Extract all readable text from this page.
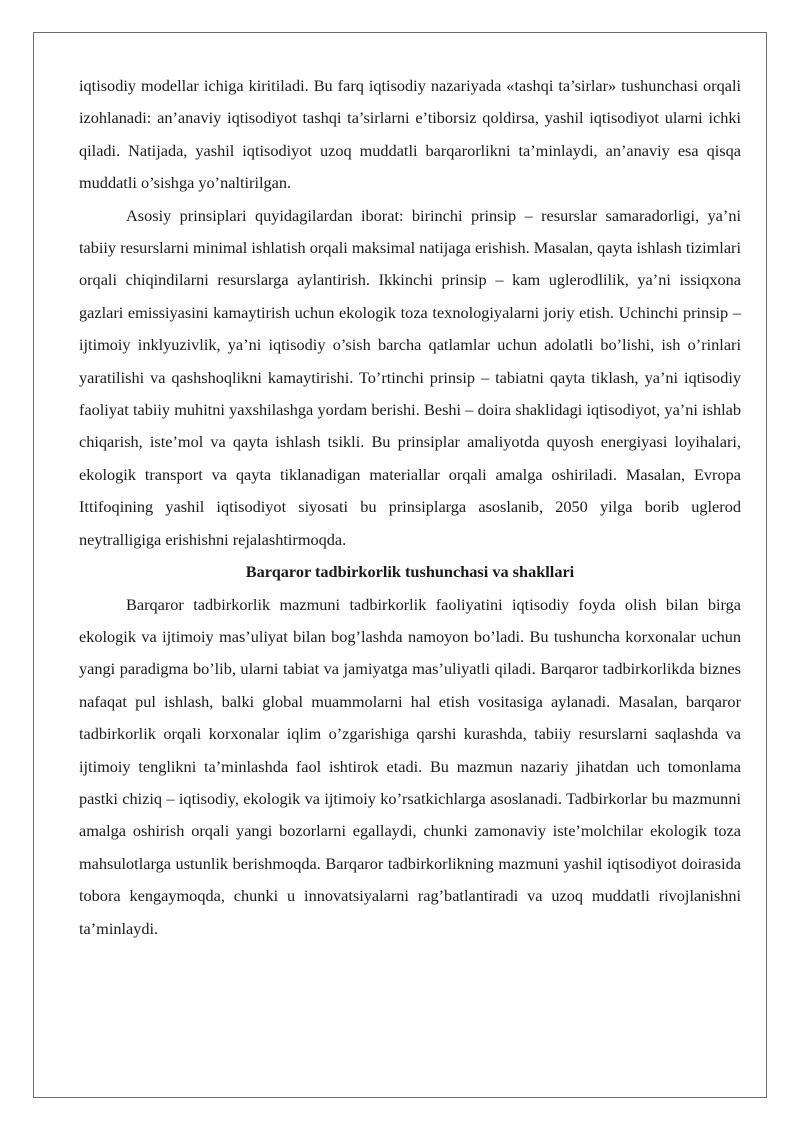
iqtisodiy modellar ichiga kiritiladi. Bu farq iqtisodiy nazariyada «tashqi ta’sirlar» tushunchasi orqali izohlanadi: an’anaviy iqtisodiyot tashqi ta’sirlarni e’tiborsiz qoldirsa, yashil iqtisodiyot ularni ichki qiladi. Natijada, yashil iqtisodiyot uzoq muddatli barqarorlikni ta’minlaydi, an’anaviy esa qisqa muddatli o’sishga yo’naltirilgan.

Asosiy prinsiplari quyidagilardan iborat: birinchi prinsip – resurslar samaradorligi, ya’ni tabiiy resurslarni minimal ishlatish orqali maksimal natijaga erishish. Masalan, qayta ishlash tizimlari orqali chiqindilarni resurslarga aylantirish. Ikkinchi prinsip – kam uglerodlilik, ya’ni issiqxona gazlari emissiyasini kamaytirish uchun ekologik toza texnologiyalarni joriy etish. Uchinchi prinsip – ijtimoiy inklyuzivlik, ya’ni iqtisodiy o’sish barcha qatlamlar uchun adolatli bo’lishi, ish o’rinlari yaratilishi va qashshoqlikni kamaytirishi. To’rtinchi prinsip – tabiatni qayta tiklash, ya’ni iqtisodiy faoliyat tabiiy muhitni yaxshilashga yordam berishi. Beshi – doira shaklidagi iqtisodiyot, ya’ni ishlab chiqarish, iste’mol va qayta ishlash tsikli. Bu prinsiplar amaliyotda quyosh energiyasi loyihalari, ekologik transport va qayta tiklanadigan materiallar orqali amalga oshiriladi. Masalan, Evropa Ittifoqining yashil iqtisodiyot siyosati bu prinsiplarga asoslanib, 2050 yilga borib uglerod neytralligiga erishishni rejalashtirmoqda.

Barqaror tadbirkorlik tushunchasi va shakllari

Barqaror tadbirkorlik mazmuni tadbirkorlik faoliyatini iqtisodiy foyda olish bilan birga ekologik va ijtimoiy mas’uliyat bilan bog’lashda namoyon bo’ladi. Bu tushuncha korxonalar uchun yangi paradigma bo’lib, ularni tabiat va jamiyatga mas’uliyatli qiladi. Barqaror tadbirkorlikda biznes nafaqat pul ishlash, balki global muammolarni hal etish vositasiga aylanadi. Masalan, barqaror tadbirkorlik orqali korxonalar iqlim o’zgarishiga qarshi kurashda, tabiiy resurslarni saqlashda va ijtimoiy tenglikni ta’minlashda faol ishtirok etadi. Bu mazmun nazariy jihatdan uch tomonlama pastki chiziq – iqtisodiy, ekologik va ijtimoiy ko’rsatkichlarga asoslanadi. Tadbirkorlar bu mazmunni amalga oshirish orqali yangi bozorlarni egallaydi, chunki zamonaviy iste’molchilar ekologik toza mahsulotlarga ustunlik berishmoqda. Barqaror tadbirkorlikning mazmuni yashil iqtisodiyot doirasida tobora kengaymoqda, chunki u innovatsiyalarni rag’batlantiradi va uzoq muddatli rivojlanishni ta’minlaydi.
